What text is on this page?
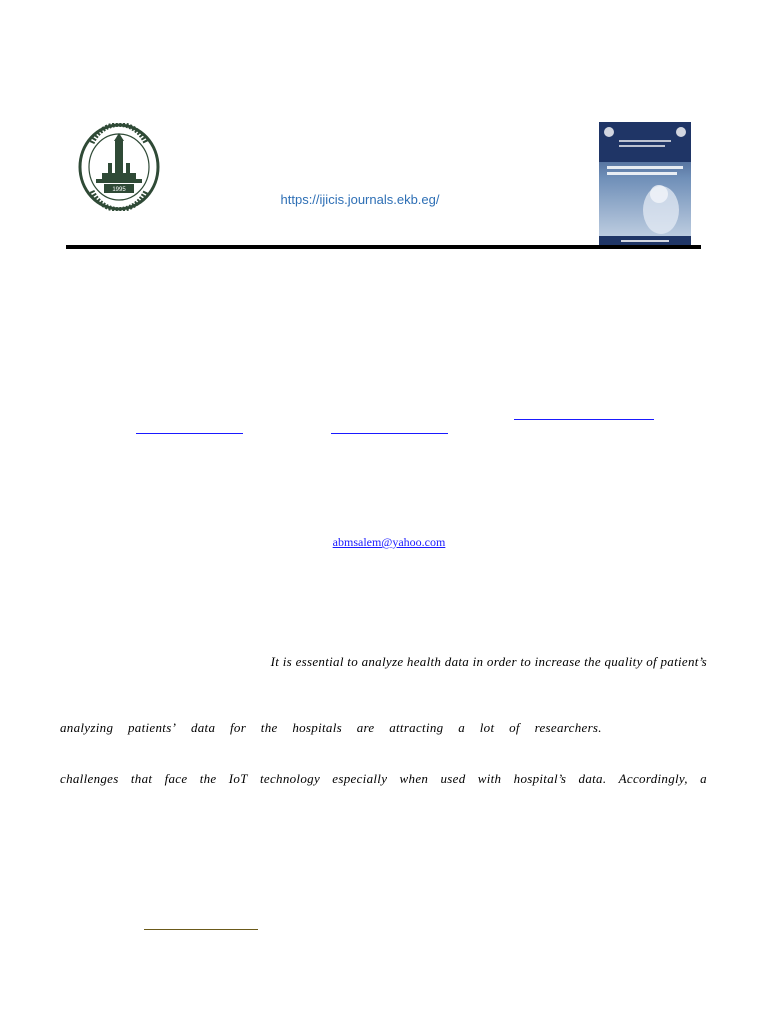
1995
https://ijicis.journals.ekb.eg/
abmsalem@yahoo.com
It is essential to analyze health data in order to increase the quality of patient’s
analyzing patients’ data for the hospitals are attracting a lot of researchers.
challenges that face the IoT technology especially when used with hospital’s data. Accordingly, a
